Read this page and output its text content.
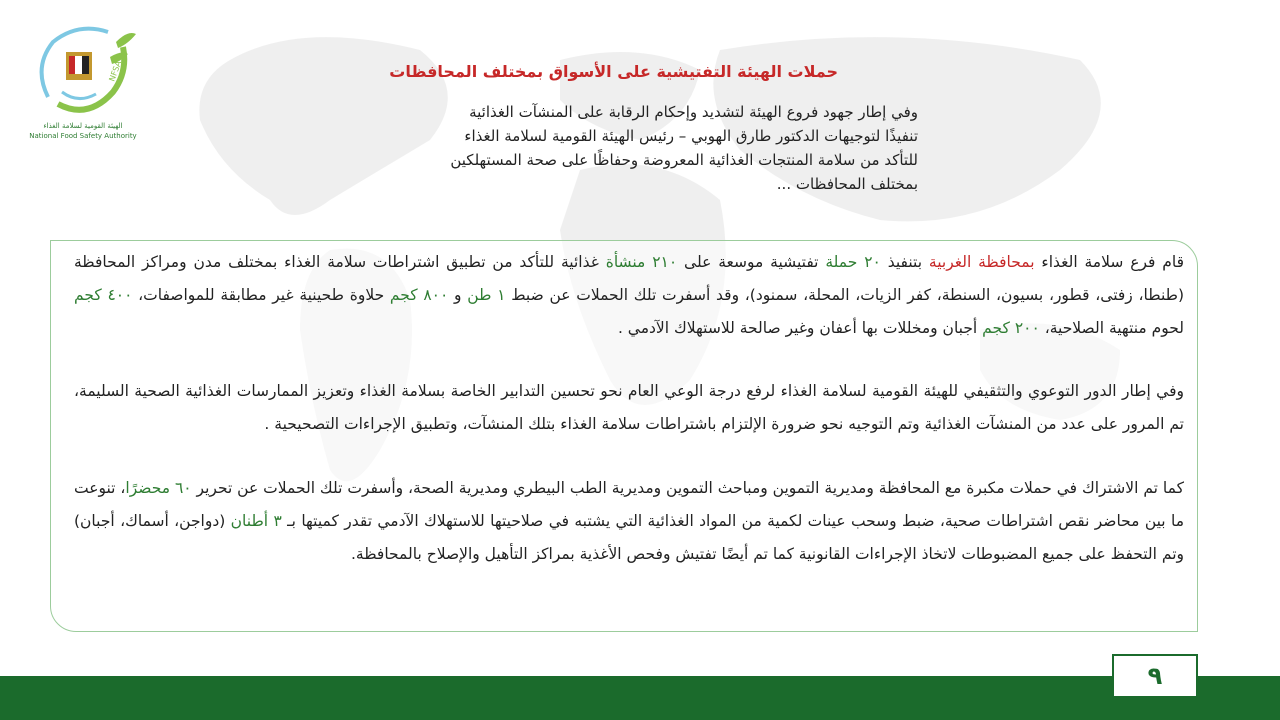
NFSA
الهيئة القومية لسلامة الغذاء
National Food Safety Authority
حملات الهيئة التفتيشية على الأسواق بمختلف المحافظات

وفي إطار جهود فروع الهيئة لتشديد وإحكام الرقابة على المنشآت الغذائية

تنفيذًا لتوجيهات الدكتور طارق الهوبي – رئيس الهيئة القومية لسلامة الغذاء

للتأكد من سلامة المنتجات الغذائية المعروضة وحفاظًا على صحة المستهلكين

بمختلف المحافظات ...

قام فرع سلامة الغذاء بمحافظة الغربية بتنفيذ ٢٠ حملة تفتيشية موسعة على ٢١٠ منشأة غذائية للتأكد من تطبيق اشتراطات سلامة الغذاء بمختلف مدن ومراكز المحافظة (طنطا، زفتى، قطور، بسيون، السنطة، كفر الزيات، المحلة، سمنود)، وقد أسفرت تلك الحملات عن ضبط ١ طن و ٨٠٠ كجم حلاوة طحينية غير مطابقة للمواصفات، ٤٠٠ كجم لحوم منتهية الصلاحية، ٢٠٠ كجم أجبان ومخللات بها أعفان وغير صالحة للاستهلاك الآدمي .
وفي إطار الدور التوعوي والتثقيفي للهيئة القومية لسلامة الغذاء لرفع درجة الوعي العام نحو تحسين التدابير الخاصة بسلامة الغذاء وتعزيز الممارسات الغذائية الصحية السليمة، تم المرور على عدد من المنشآت الغذائية وتم التوجيه نحو ضرورة الإلتزام باشتراطات سلامة الغذاء بتلك المنشآت، وتطبيق الإجراءات التصحيحية .
كما تم الاشتراك في حملات مكبرة مع المحافظة ومديرية التموين ومباحث التموين ومديرية الطب البيطري ومديرية الصحة، وأسفرت تلك الحملات عن تحرير ٦٠ محضرًا، تنوعت ما بين محاضر نقص اشتراطات صحية، ضبط وسحب عينات لكمية من المواد الغذائية التي يشتبه في صلاحيتها للاستهلاك الآدمي تقدر كميتها بـ ٣ أطنان (دواجن، أسماك، أجبان) وتم التحفظ على جميع المضبوطات لاتخاذ الإجراءات القانونية كما تم أيضًا تفتيش وفحص الأغذية بمراكز التأهيل والإصلاح بالمحافظة.
٩
